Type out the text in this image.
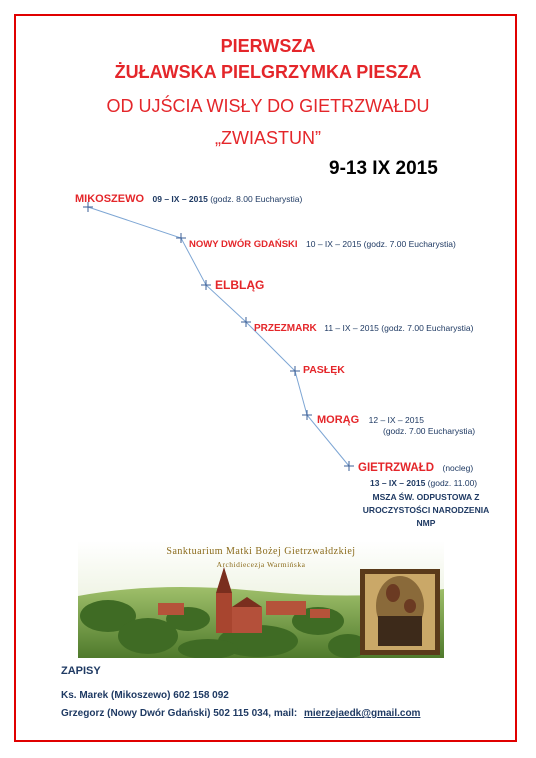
PIERWSZA
ŻUŁAWSKA PIELGRZYMKA PIESZA
OD UJŚCIA WISŁY DO GIETRZWAŁDU
„ZWIASTUN”
9-13 IX 2015
MIKOSZEWO 09 – IX – 2015 (godz. 8.00 Eucharystia)
NOWY DWÓR GDAŃSKI 10 – IX – 2015 (godz. 7.00 Eucharystia)
ELBLĄG
PRZEZMARK 11 – IX – 2015 (godz. 7.00 Eucharystia)
PASŁĘK
MORĄG 12 – IX – 2015
(godz. 7.00 Eucharystia)
GIETRZWAŁD (nocleg)
13 – IX – 2015 (godz. 11.00)
MSZA ŚW. ODPUSTOWA Z
UROCZYSTOŚCI NARODZENIA
NMP
Sanktuarium Matki Bożej Gietrzwałdzkiej
Archidiecezja Warmińska
ZAPISY
Ks. Marek (Mikoszewo) 602 158 092
Grzegorz (Nowy Dwór Gdański) 502 115 034, mail: mierzejaedk@gmail.com
